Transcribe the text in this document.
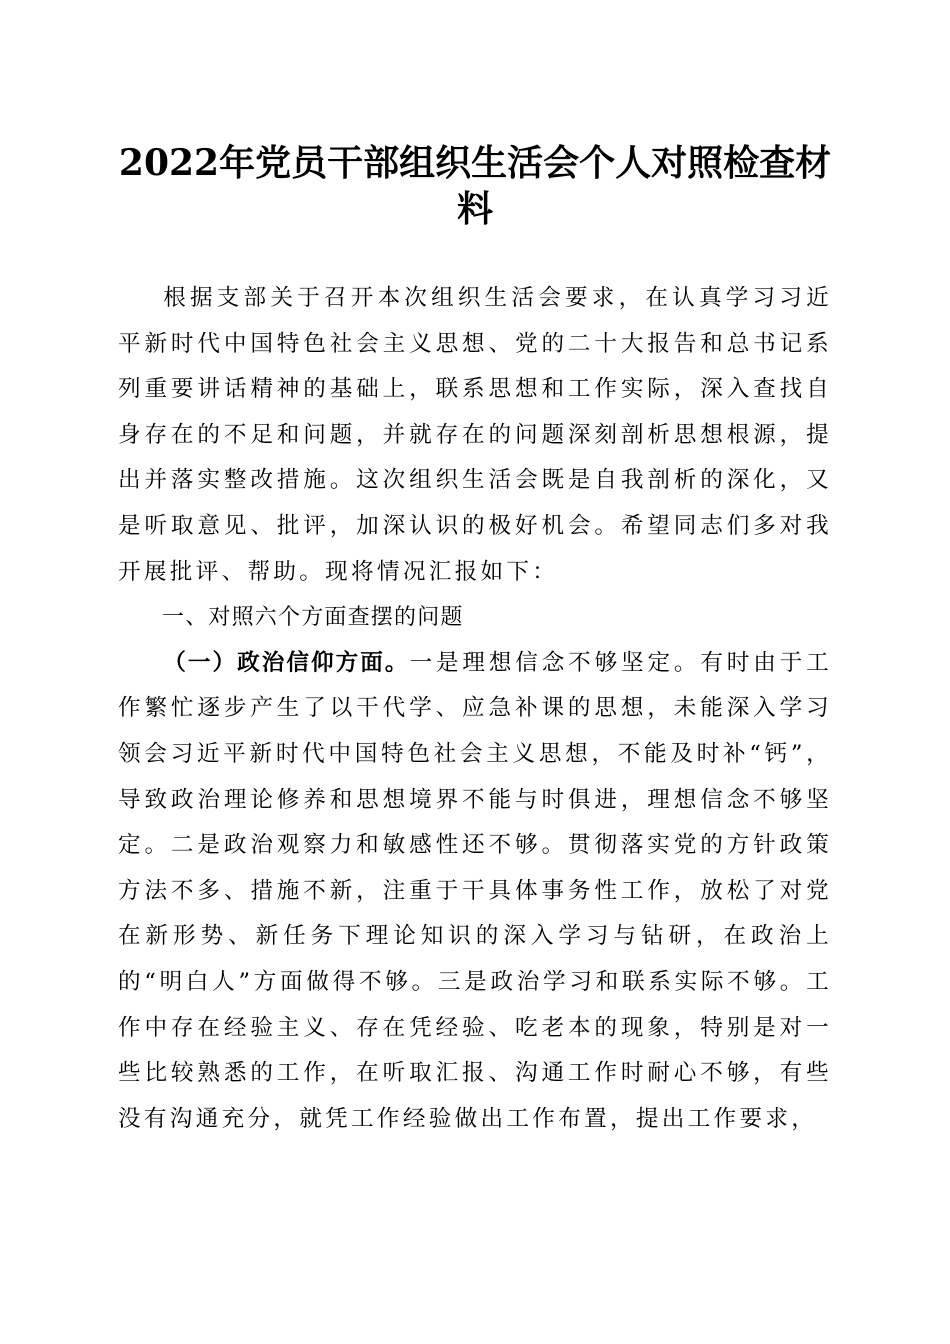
2022年党员干部组织生活会个人对照检查材料

根据支部关于召开本次组织生活会要求，在认真学习习近平新时代中国特色社会主义思想、党的二十大报告和总书记系列重要讲话精神的基础上，联系思想和工作实际，深入查找自身存在的不足和问题，并就存在的问题深刻剖析思想根源，提出并落实整改措施。这次组织生活会既是自我剖析的深化，又是听取意见、批评，加深认识的极好机会。希望同志们多对我开展批评、帮助。现将情况汇报如下：

一、对照六个方面查摆的问题

（一）政治信仰方面。一是理想信念不够坚定。有时由于工作繁忙逐步产生了以干代学、应急补课的思想，未能深入学习领会习近平新时代中国特色社会主义思想，不能及时补“钙”，导致政治理论修养和思想境界不能与时俱进，理想信念不够坚定。二是政治观察力和敏感性还不够。贯彻落实党的方针政策方法不多、措施不新，注重于干具体事务性工作，放松了对党在新形势、新任务下理论知识的深入学习与钻研，在政治上的“明白人”方面做得不够。三是政治学习和联系实际不够。工作中存在经验主义、存在凭经验、吃老本的现象，特别是对一些比较熟悉的工作，在听取汇报、沟通工作时耐心不够，有些没有沟通充分，就凭工作经验做出工作布置，提出工作要求，
